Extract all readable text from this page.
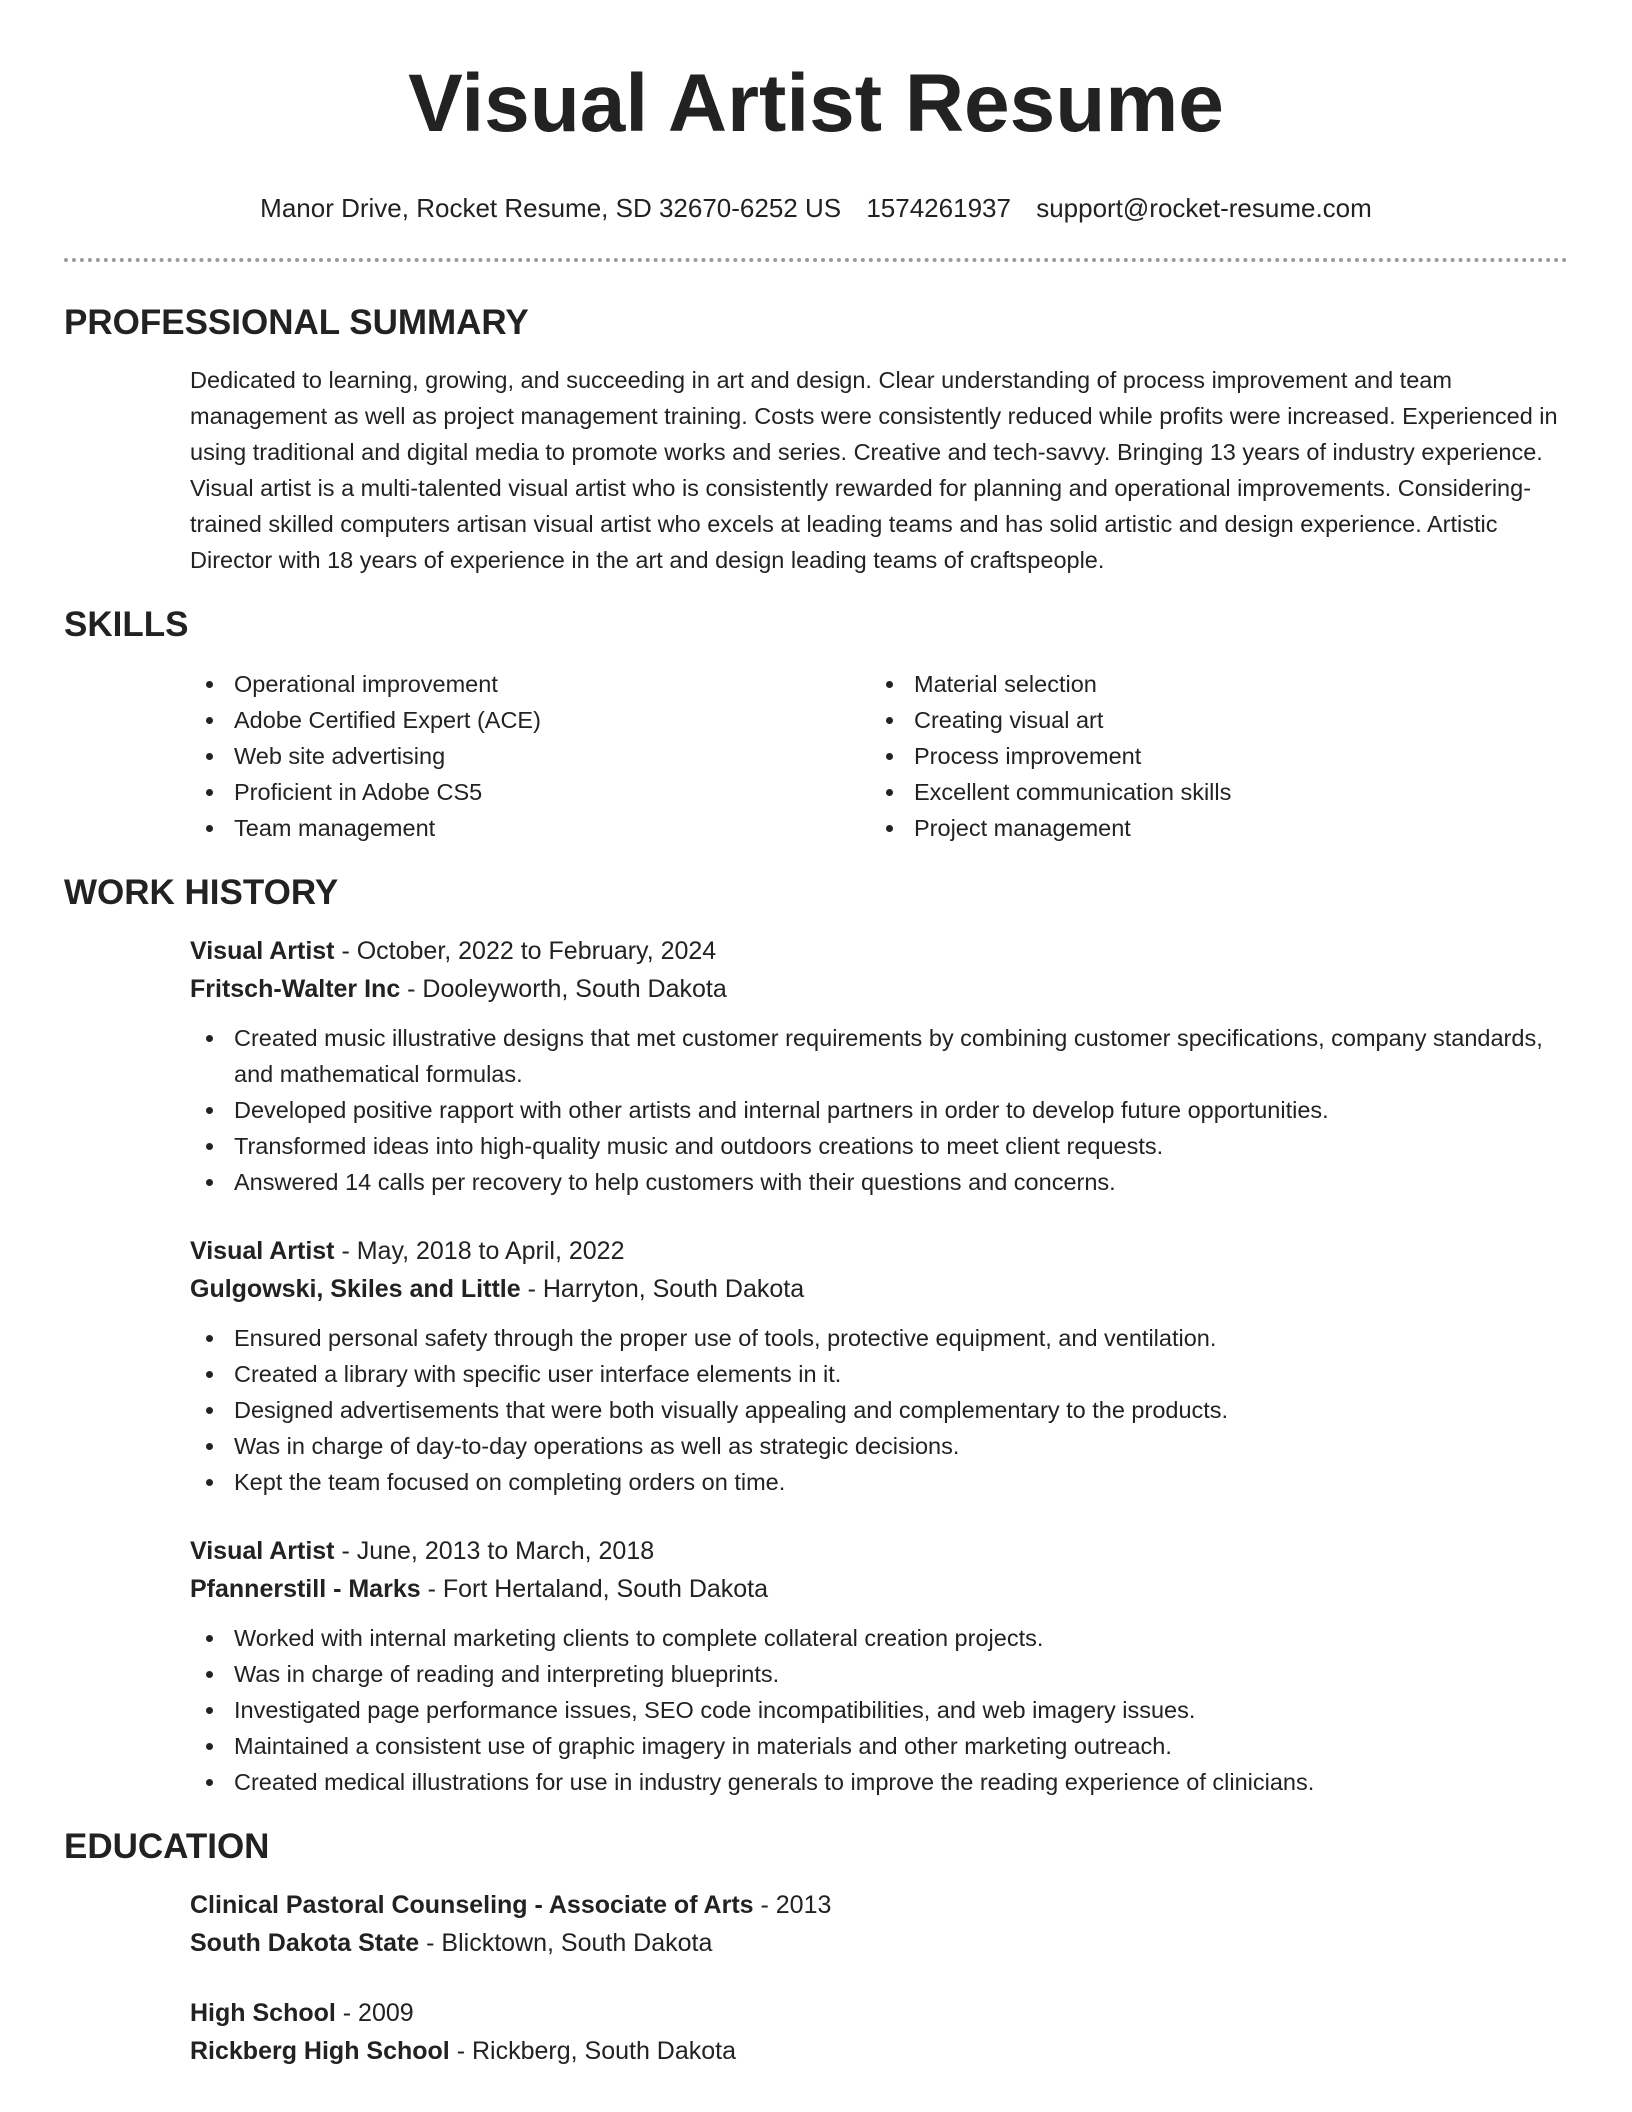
Visual Artist Resume
Manor Drive, Rocket Resume, SD 32670-6252 US 1574261937 support@rocket-resume.com
PROFESSIONAL SUMMARY

Dedicated to learning, growing, and succeeding in art and design. Clear understanding of process improvement and team management as well as project management training. Costs were consistently reduced while profits were increased. Experienced in using traditional and digital media to promote works and series. Creative and tech-savvy. Bringing 13 years of industry experience. Visual artist is a multi-talented visual artist who is consistently rewarded for planning and operational improvements. Considering-trained skilled computers artisan visual artist who excels at leading teams and has solid artistic and design experience. Artistic Director with 18 years of experience in the art and design leading teams of craftspeople.

SKILLS
Operational improvement
Adobe Certified Expert (ACE)
Web site advertising
Proficient in Adobe CS5
Team management
Material selection
Creating visual art
Process improvement
Excellent communication skills
Project management
WORK HISTORY
Visual Artist - October, 2022 to February, 2024
Fritsch-Walter Inc - Dooleyworth, South Dakota
Created music illustrative designs that met customer requirements by combining customer specifications, company standards, and mathematical formulas.
Developed positive rapport with other artists and internal partners in order to develop future opportunities.
Transformed ideas into high-quality music and outdoors creations to meet client requests.
Answered 14 calls per recovery to help customers with their questions and concerns.
Visual Artist - May, 2018 to April, 2022
Gulgowski, Skiles and Little - Harryton, South Dakota
Ensured personal safety through the proper use of tools, protective equipment, and ventilation.
Created a library with specific user interface elements in it.
Designed advertisements that were both visually appealing and complementary to the products.
Was in charge of day-to-day operations as well as strategic decisions.
Kept the team focused on completing orders on time.
Visual Artist - June, 2013 to March, 2018
Pfannerstill - Marks - Fort Hertaland, South Dakota
Worked with internal marketing clients to complete collateral creation projects.
Was in charge of reading and interpreting blueprints.
Investigated page performance issues, SEO code incompatibilities, and web imagery issues.
Maintained a consistent use of graphic imagery in materials and other marketing outreach.
Created medical illustrations for use in industry generals to improve the reading experience of clinicians.
EDUCATION
Clinical Pastoral Counseling - Associate of Arts - 2013
South Dakota State - Blicktown, South Dakota
High School - 2009
Rickberg High School - Rickberg, South Dakota
